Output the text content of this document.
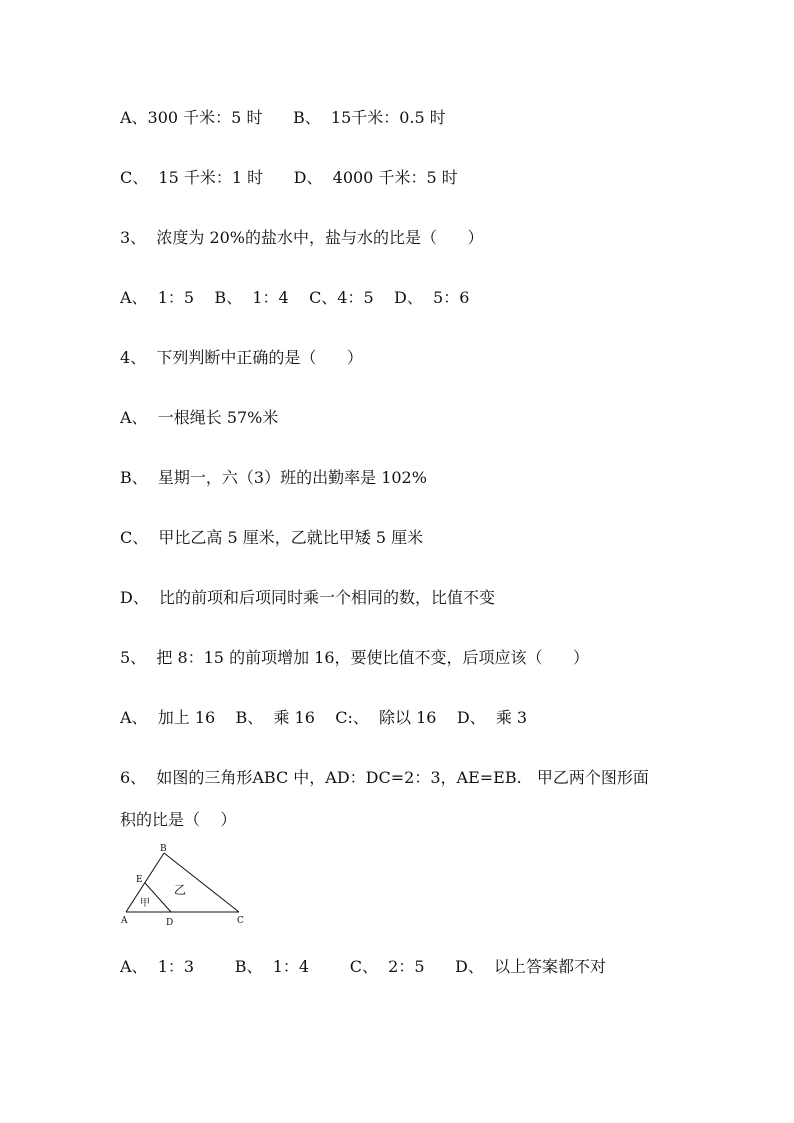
A、300 千米：5 时      B、  15千米：0.5 时
C、  15 千米：1 时      D、  4000 千米：5 时
3、  浓度为 20%的盐水中，盐与水的比是（      ）
A、  1：5    B、  1：4    C、4：5    D、  5：6
4、  下列判断中正确的是（      ）
A、  一根绳长 57%米
B、  星期一，六（3）班的出勤率是 102%
C、  甲比乙高 5 厘米，乙就比甲矮 5 厘米
D、  比的前项和后项同时乘一个相同的数，比值不变
5、  把 8：15 的前项增加 16，要使比值不变，后项应该（      ）
A、  加上 16    B、  乘 16    C:、  除以 16    D、  乘 3
6、  如图的三角形ABC 中，AD：DC=2：3，AE=EB.   甲乙两个图形面
积的比是（    ）
B
E
A	D	C
甲
乙
A、  1：3        B、  1：4        C、  2：5      D、  以上答案都不对
